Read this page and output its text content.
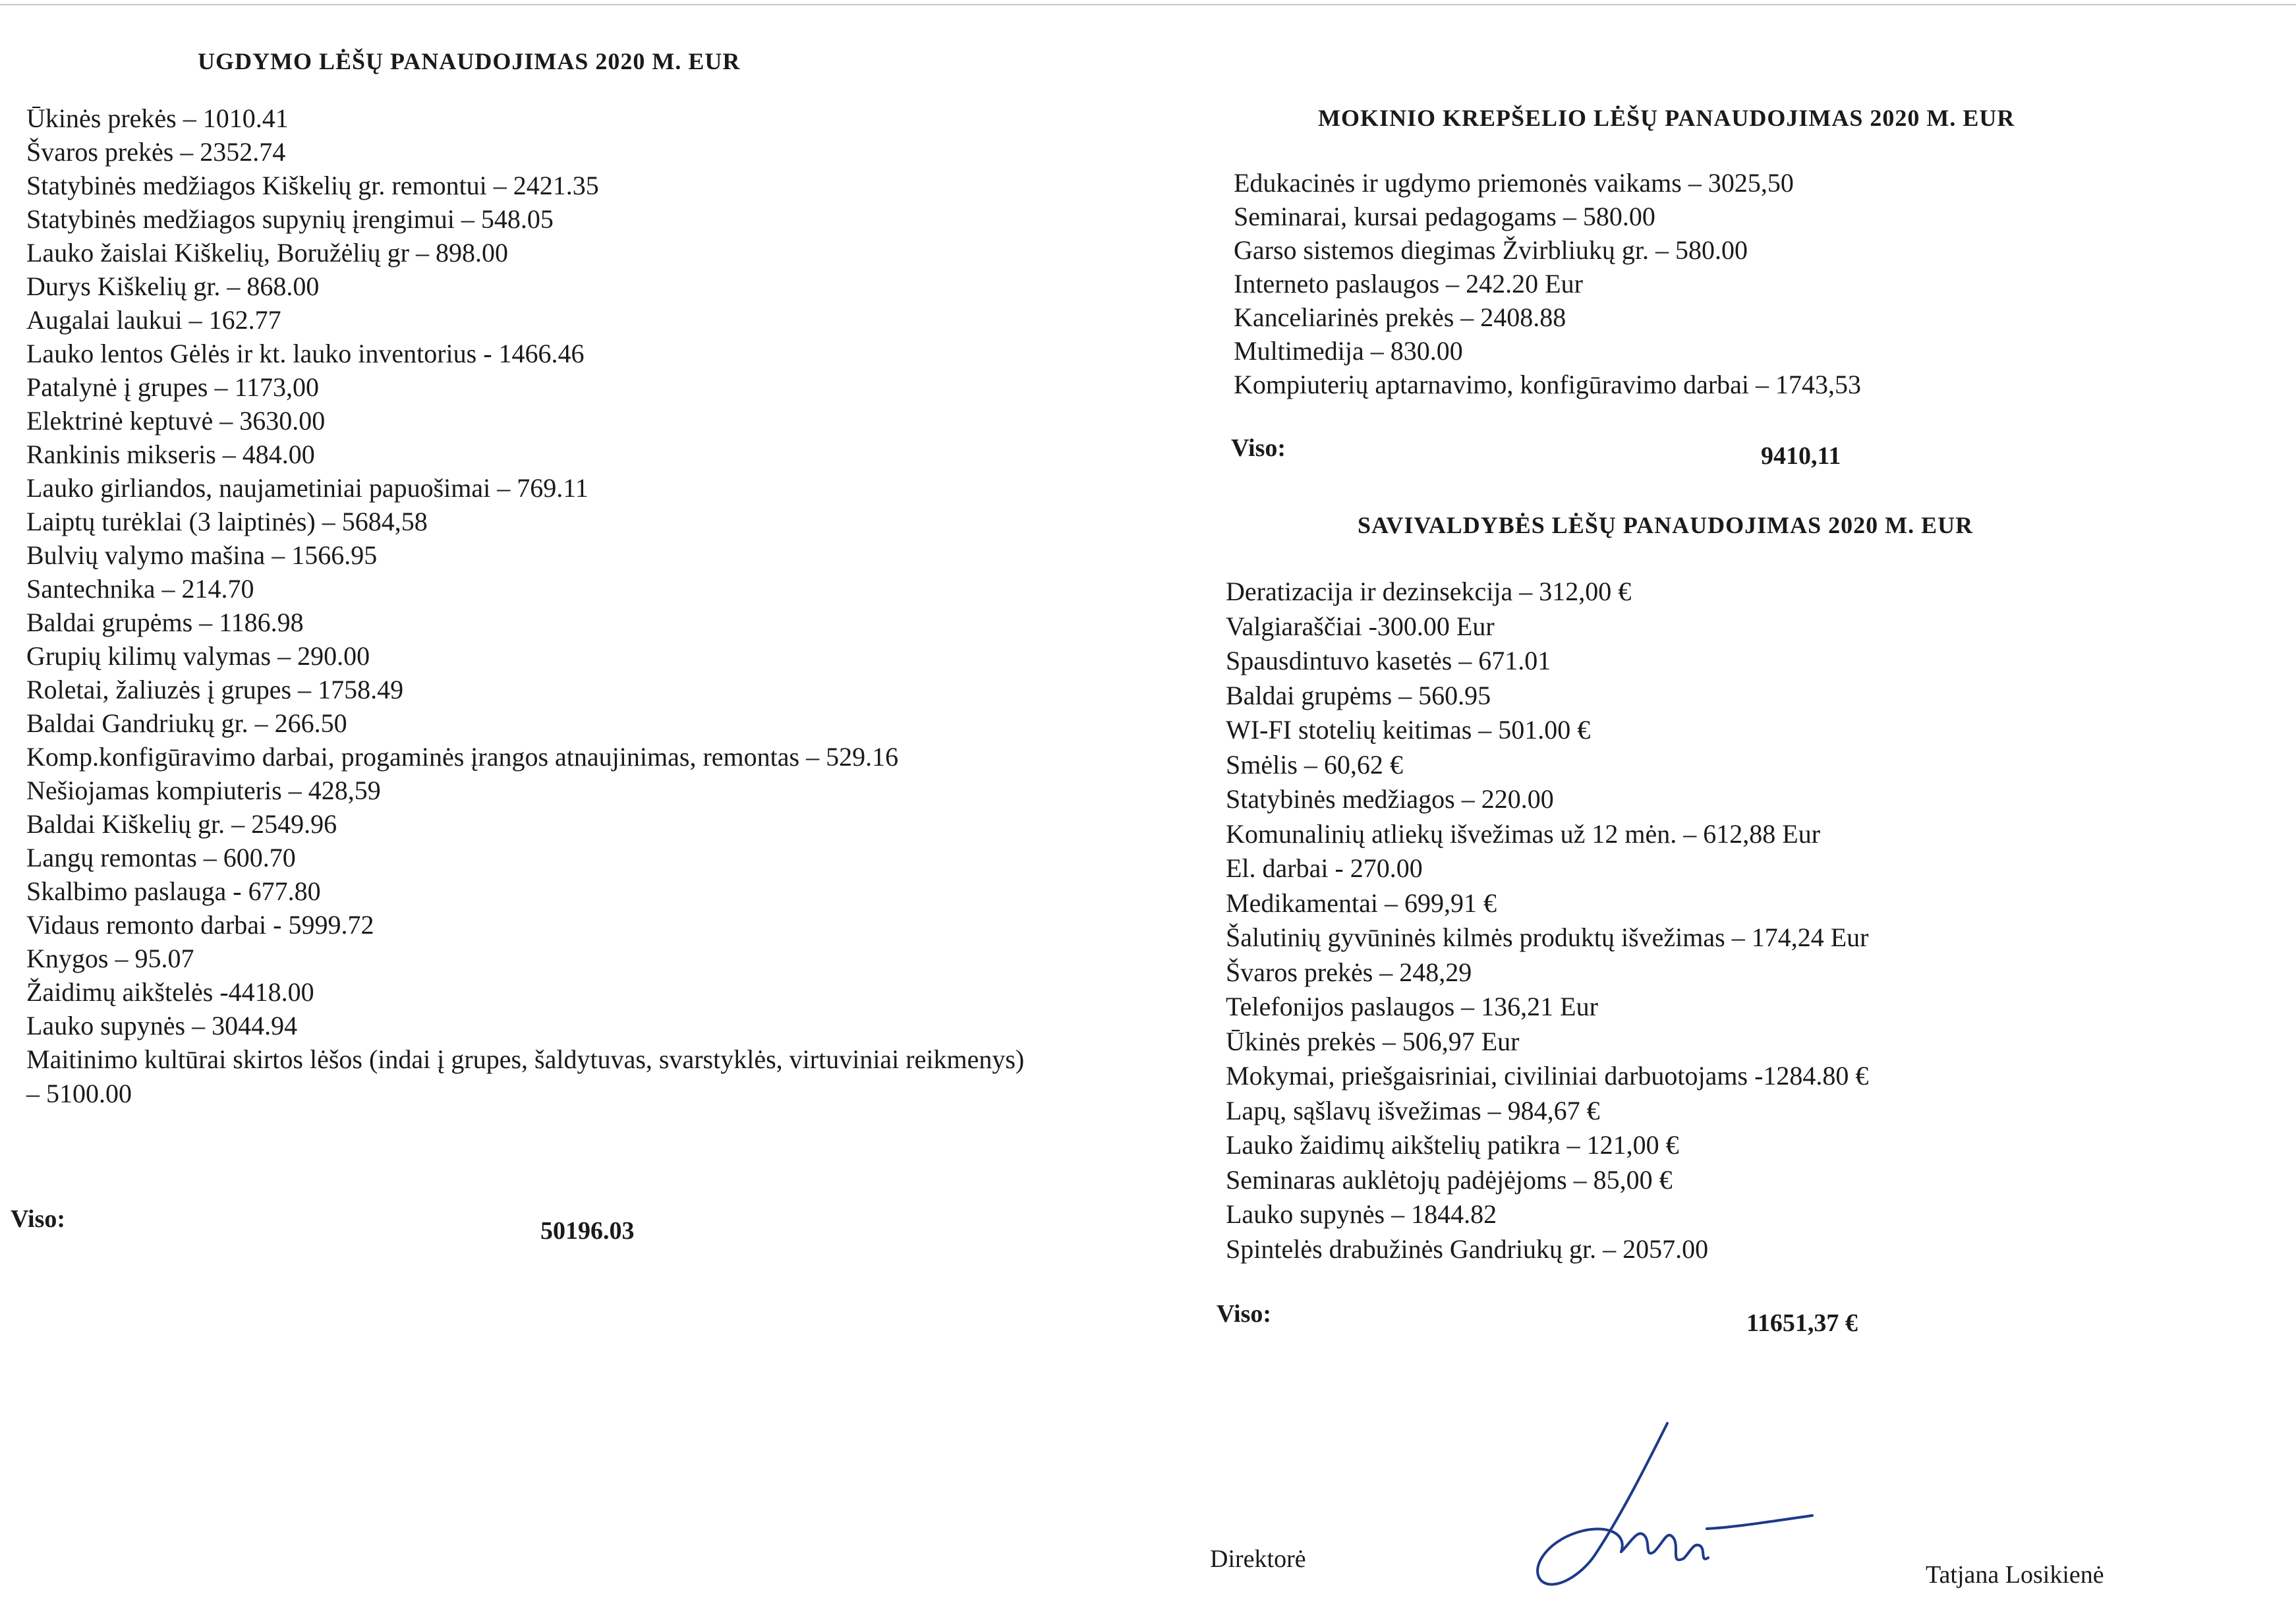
UGDYMO LĖŠŲ PANAUDOJIMAS 2020 M. EUR
Ūkinės prekės – 1010.41
Švaros prekės – 2352.74
Statybinės medžiagos Kiškelių gr. remontui – 2421.35
Statybinės medžiagos supynių įrengimui – 548.05
Lauko žaislai Kiškelių, Boružėlių gr – 898.00
Durys Kiškelių gr. – 868.00
Augalai laukui – 162.77
Lauko lentos Gėlės ir kt. lauko inventorius - 1466.46
Patalynė į grupes – 1173,00
Elektrinė keptuvė – 3630.00
Rankinis mikseris – 484.00
Lauko girliandos, naujametiniai papuošimai – 769.11
Laiptų turėklai (3 laiptinės) – 5684,58
Bulvių valymo mašina – 1566.95
Santechnika – 214.70
Baldai grupėms – 1186.98
Grupių kilimų valymas – 290.00
Roletai, žaliuzės į grupes – 1758.49
Baldai Gandriukų gr. – 266.50
Komp.konfigūravimo darbai, progaminės įrangos atnaujinimas, remontas – 529.16
Nešiojamas kompiuteris – 428,59
Baldai Kiškelių gr. – 2549.96
Langų remontas – 600.70
Skalbimo paslauga - 677.80
Vidaus remonto darbai - 5999.72
Knygos – 95.07
Žaidimų aikštelės -4418.00
Lauko supynės – 3044.94
Maitinimo kultūrai skirtos lėšos (indai į grupes, šaldytuvas, svarstyklės, virtuviniai reikmenys) – 5100.00

Viso:	50196.03

MOKINIO KREPŠELIO LĖŠŲ PANAUDOJIMAS 2020 M. EUR
Edukacinės ir ugdymo priemonės vaikams – 3025,50
Seminarai, kursai pedagogams – 580.00
Garso sistemos diegimas Žvirbliukų gr. – 580.00
Interneto paslaugos – 242.20 Eur
Kanceliarinės prekės – 2408.88
Multimedija – 830.00
Kompiuterių aptarnavimo, konfigūravimo darbai – 1743,53

Viso:	9410,11

SAVIVALDYBĖS LĖŠŲ PANAUDOJIMAS 2020 M. EUR
Deratizacija ir dezinsekcija – 312,00 €
Valgiaraščiai -300.00 Eur
Spausdintuvo kasetės – 671.01
Baldai grupėms – 560.95
WI-FI stotelių keitimas – 501.00 €
Smėlis – 60,62 €
Statybinės medžiagos – 220.00
Komunalinių atliekų išvežimas už 12 mėn. – 612,88 Eur
El. darbai - 270.00
Medikamentai – 699,91 €
Šalutinių gyvūninės kilmės produktų išvežimas – 174,24 Eur
Švaros prekės – 248,29
Telefonijos paslaugos – 136,21 Eur
Ūkinės prekės – 506,97 Eur
Mokymai, priešgaisriniai, civiliniai darbuotojams -1284.80 €
Lapų, sąšlavų išvežimas – 984,67 €
Lauko žaidimų aikštelių patikra – 121,00 €
Seminaras auklėtojų padėjėjoms – 85,00 €
Lauko supynės – 1844.82
Spintelės drabužinės Gandriukų gr. – 2057.00

Viso:	11651,37 €

Direktorė

Tatjana Losikienė
